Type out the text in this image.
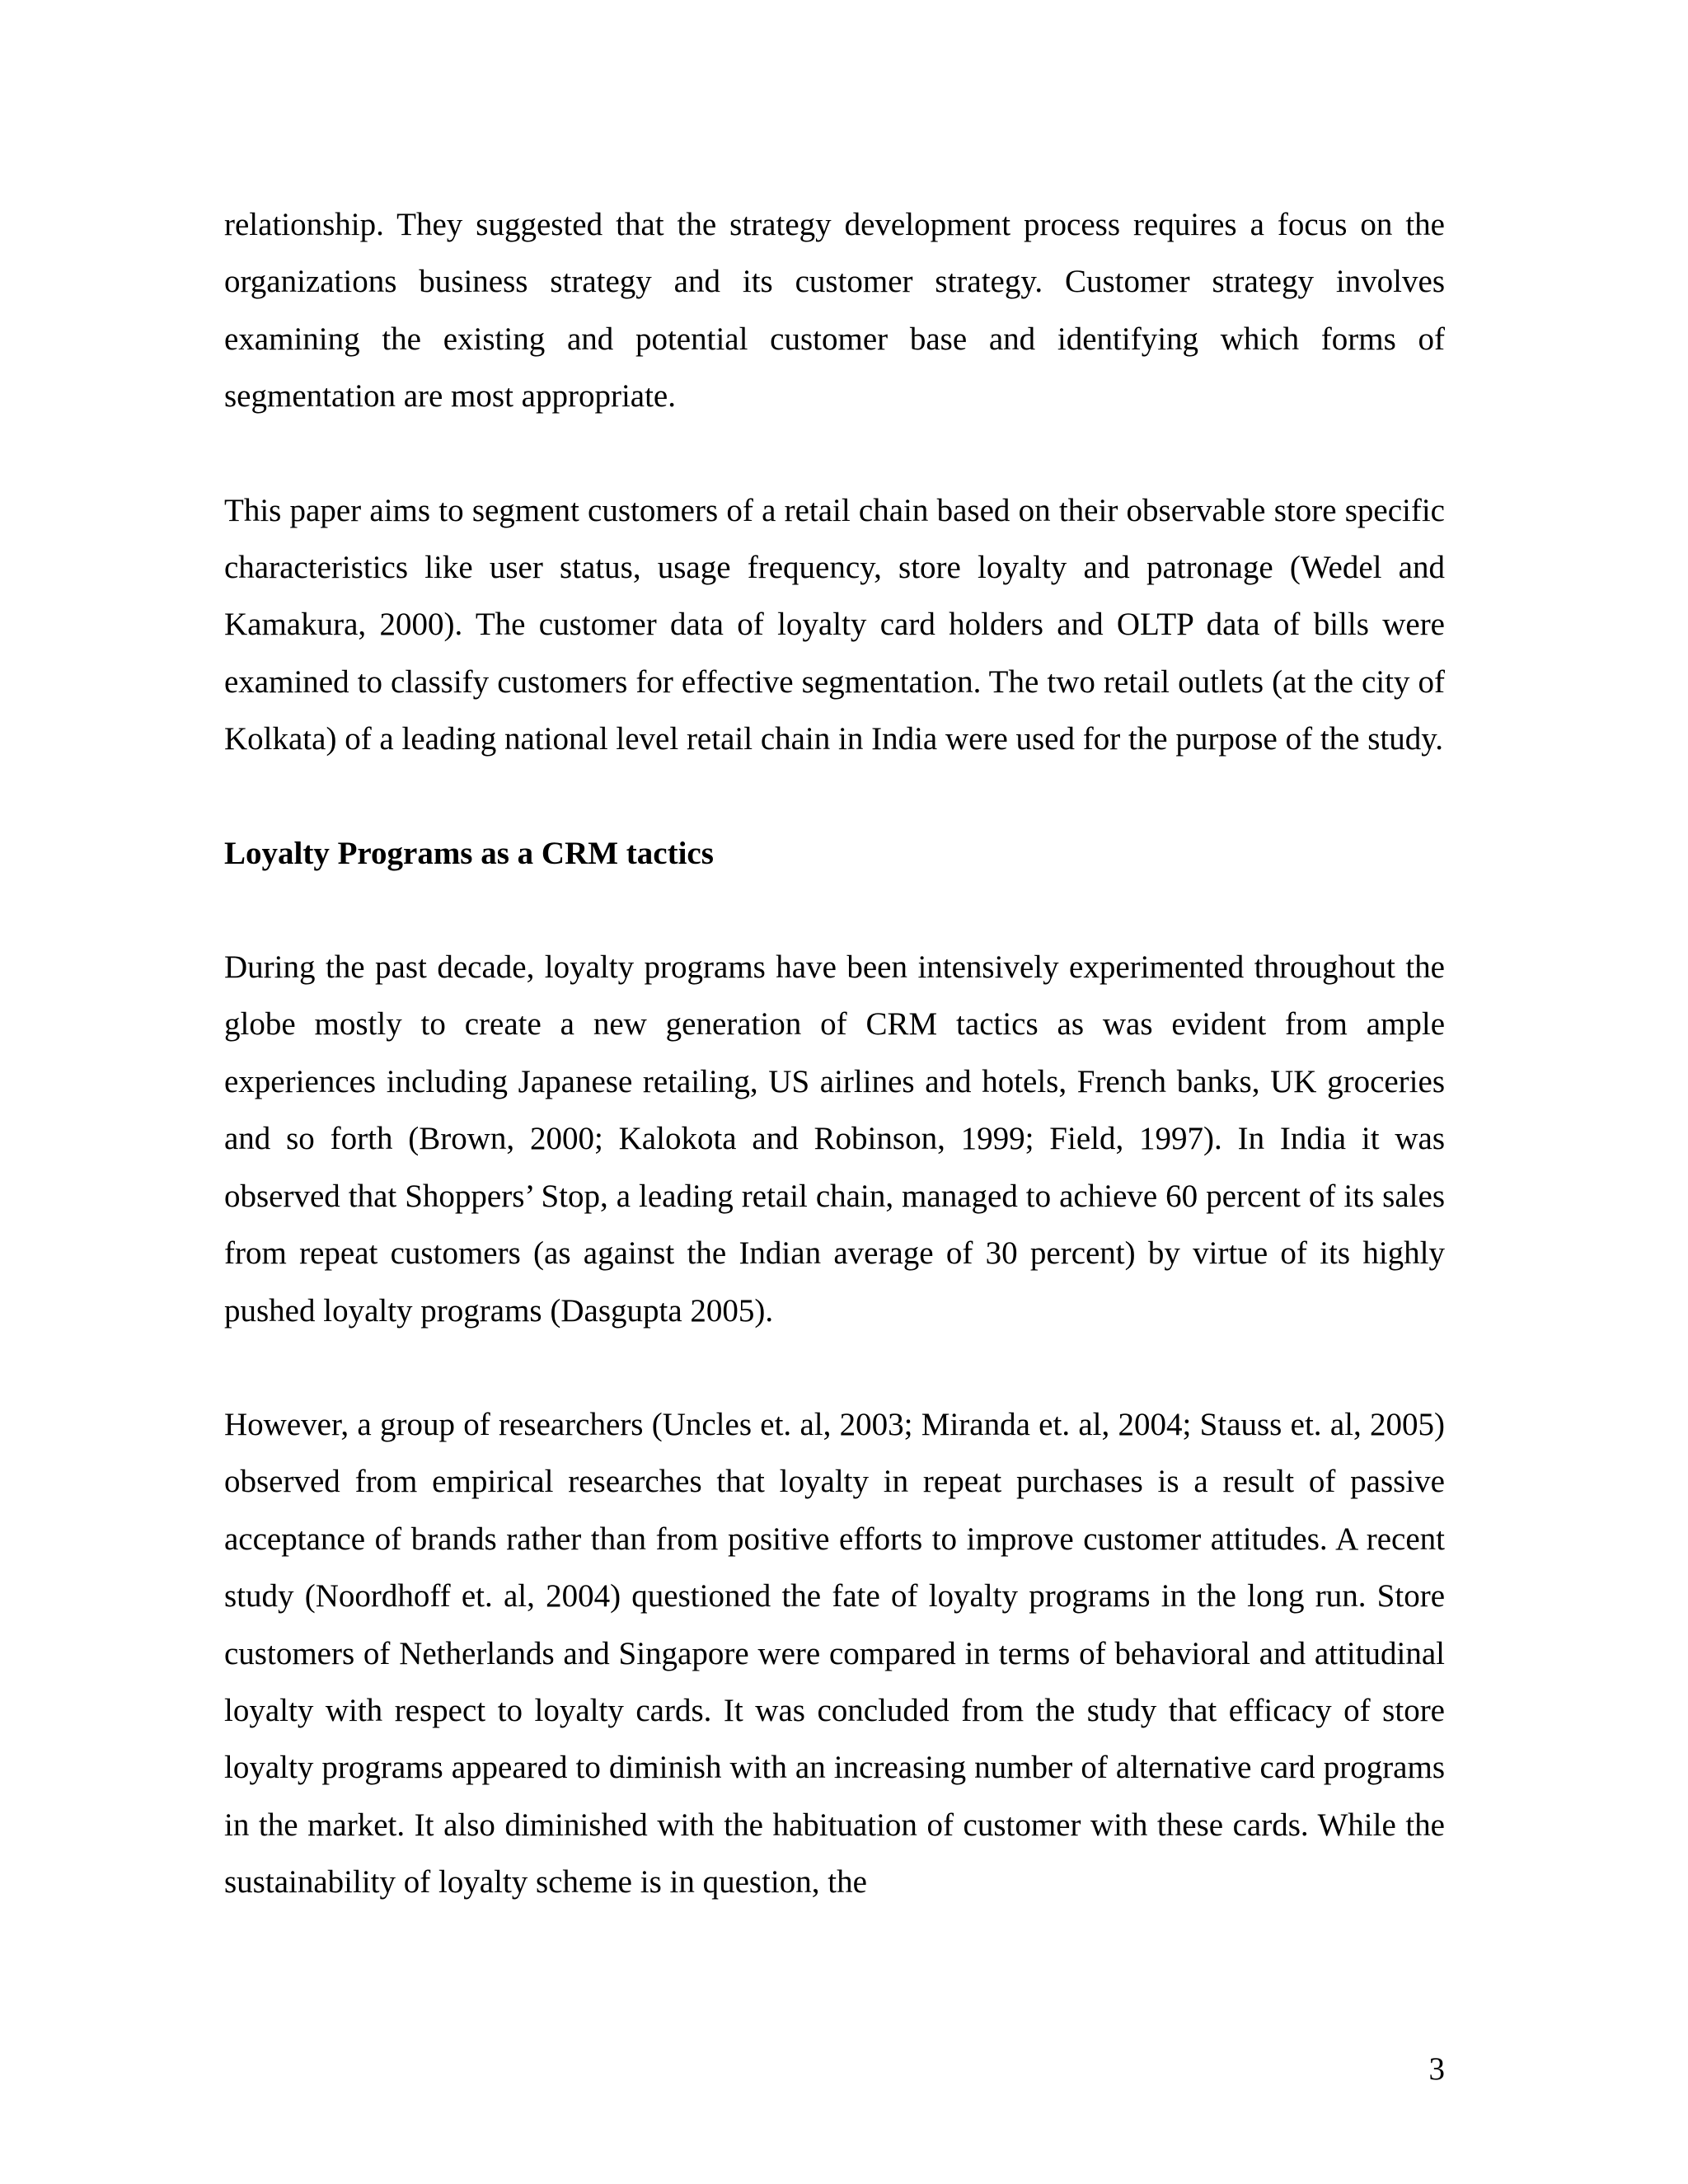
relationship. They suggested that the strategy development process requires a focus on the organizations business strategy and its customer strategy. Customer strategy involves examining the existing and potential customer base and identifying which forms of segmentation are most appropriate.

This paper aims to segment customers of a retail chain based on their observable store specific characteristics like user status, usage frequency, store loyalty and patronage (Wedel and Kamakura, 2000). The customer data of loyalty card holders and OLTP data of bills were examined to classify customers for effective segmentation. The two retail outlets (at the city of Kolkata) of a leading national level retail chain in India were used for the purpose of the study.

Loyalty Programs as a CRM tactics

During the past decade, loyalty programs have been intensively experimented throughout the globe mostly to create a new generation of CRM tactics as was evident from ample experiences including Japanese retailing, US airlines and hotels, French banks, UK groceries and so forth (Brown, 2000; Kalokota and Robinson, 1999; Field, 1997). In India it was observed that Shoppers’ Stop, a leading retail chain, managed to achieve 60 percent of its sales from repeat customers (as against the Indian average of 30 percent) by virtue of its highly pushed loyalty programs (Dasgupta 2005).

However, a group of researchers (Uncles et. al, 2003; Miranda et. al, 2004; Stauss et. al, 2005) observed from empirical researches that loyalty in repeat purchases is a result of passive acceptance of brands rather than from positive efforts to improve customer attitudes. A recent study (Noordhoff et. al, 2004) questioned the fate of loyalty programs in the long run. Store customers of Netherlands and Singapore were compared in terms of behavioral and attitudinal loyalty with respect to loyalty cards. It was concluded from the study that efficacy of store loyalty programs appeared to diminish with an increasing number of alternative card programs in the market. It also diminished with the habituation of customer with these cards. While the sustainability of loyalty scheme is in question, the

3
